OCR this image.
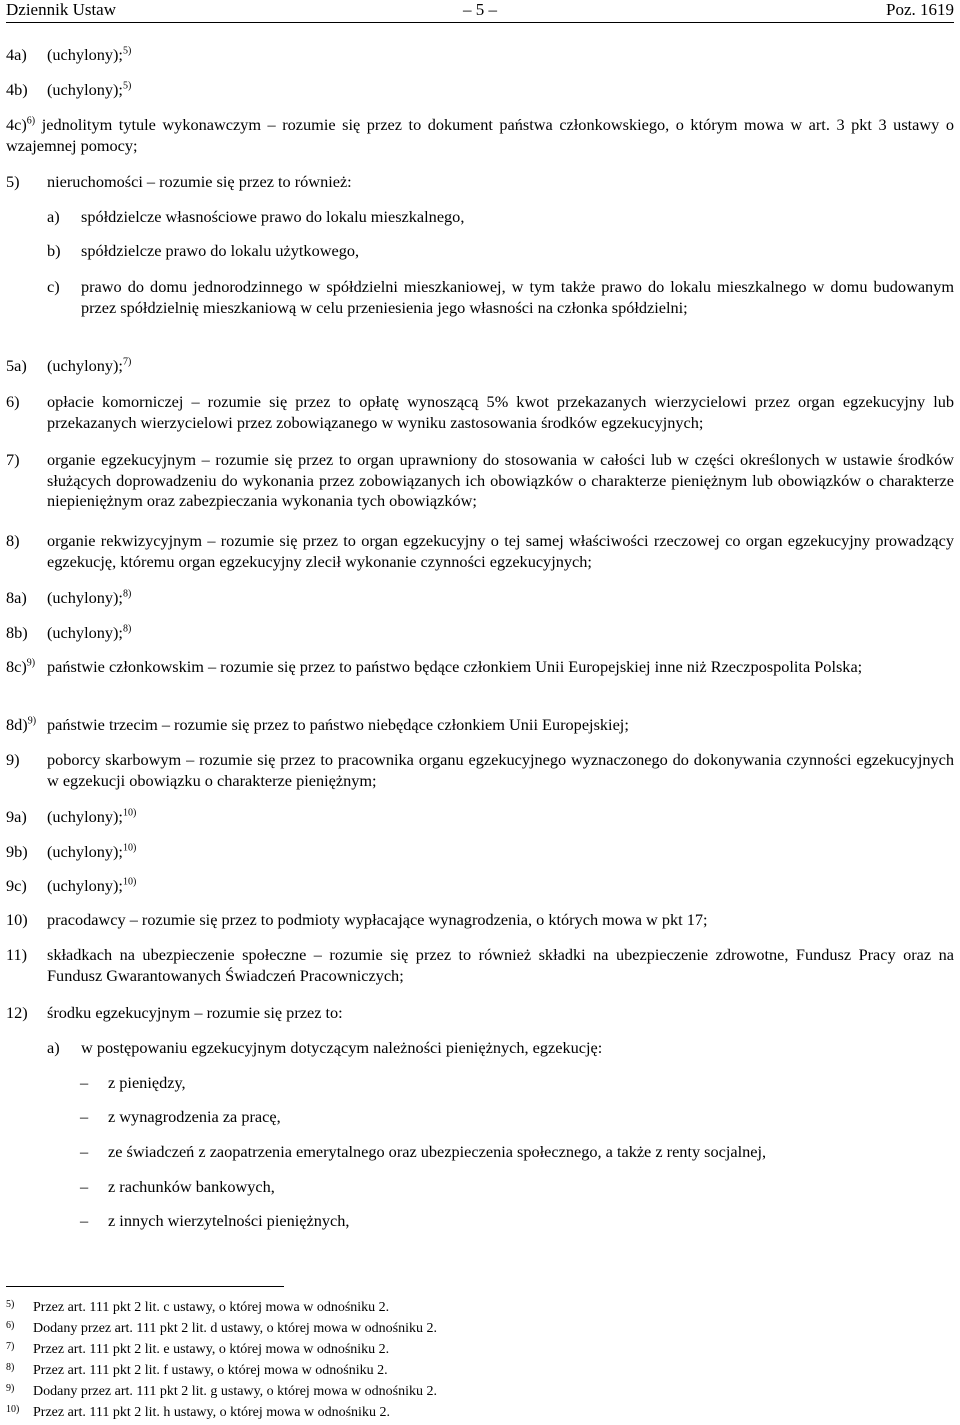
Dziennik Ustaw	– 5 –	Poz. 1619
4a) (uchylony);$^{5)}$
4b) (uchylony);$^{5)}$
4c)$^{6)}$ jednolitym tytule wykonawczym – rozumie się przez to dokument państwa członkowskiego, o którym mowa w art. 3 pkt 3 ustawy o wzajemnej pomocy;
5) nieruchomości – rozumie się przez to również:
a) spółdzielcze własnościowe prawo do lokalu mieszkalnego,
b) spółdzielcze prawo do lokalu użytkowego,
c) prawo do domu jednorodzinnego w spółdzielni mieszkaniowej, w tym także prawo do lokalu mieszkalnego w domu budowanym przez spółdzielnię mieszkaniową w celu przeniesienia jego własności na członka spółdzielni;
5a) (uchylony);$^{7)}$
6) opłacie komorniczej – rozumie się przez to opłatę wynoszącą 5% kwot przekazanych wierzycielowi przez organ egzekucyjny lub przekazanych wierzycielowi przez zobowiązanego w wyniku zastosowania środków egzekucyjnych;
7) organie egzekucyjnym – rozumie się przez to organ uprawniony do stosowania w całości lub w części określonych w ustawie środków służących doprowadzeniu do wykonania przez zobowiązanych ich obowiązków o charakterze pieniężnym lub obowiązków o charakterze niepieniężnym oraz zabezpieczania wykonania tych obowiązków;
8) organie rekwizycyjnym – rozumie się przez to organ egzekucyjny o tej samej właściwości rzeczowej co organ egzekucyjny prowadzący egzekucję, któremu organ egzekucyjny zlecił wykonanie czynności egzekucyjnych;
8a) (uchylony);$^{8)}$
8b) (uchylony);$^{8)}$
8c)$^{9)}$ państwie członkowskim – rozumie się przez to państwo będące członkiem Unii Europejskiej inne niż Rzeczpospolita Polska;
8d)$^{9)}$ państwie trzecim – rozumie się przez to państwo niebędące członkiem Unii Europejskiej;
9) poborcy skarbowym – rozumie się przez to pracownika organu egzekucyjnego wyznaczonego do dokonywania czynności egzekucyjnych w egzekucji obowiązku o charakterze pieniężnym;
9a) (uchylony);$^{10)}$
9b) (uchylony);$^{10)}$
9c) (uchylony);$^{10)}$
10) pracodawcy – rozumie się przez to podmioty wypłacające wynagrodzenia, o których mowa w pkt 17;
11) składkach na ubezpieczenie społeczne – rozumie się przez to również składki na ubezpieczenie zdrowotne, Fundusz Pracy oraz na Fundusz Gwarantowanych Świadczeń Pracowniczych;
12) środku egzekucyjnym – rozumie się przez to:
a) w postępowaniu egzekucyjnym dotyczącym należności pieniężnych, egzekucję:
– z pieniędzy,
– z wynagrodzenia za pracę,
– ze świadczeń z zaopatrzenia emerytalnego oraz ubezpieczenia społecznego, a także z renty socjalnej,
– z rachunków bankowych,
– z innych wierzytelności pieniężnych,
5) Przez art. 111 pkt 2 lit. c ustawy, o której mowa w odnośniku 2.
6) Dodany przez art. 111 pkt 2 lit. d ustawy, o której mowa w odnośniku 2.
7) Przez art. 111 pkt 2 lit. e ustawy, o której mowa w odnośniku 2.
8) Przez art. 111 pkt 2 lit. f ustawy, o której mowa w odnośniku 2.
9) Dodany przez art. 111 pkt 2 lit. g ustawy, o której mowa w odnośniku 2.
10) Przez art. 111 pkt 2 lit. h ustawy, o której mowa w odnośniku 2.
